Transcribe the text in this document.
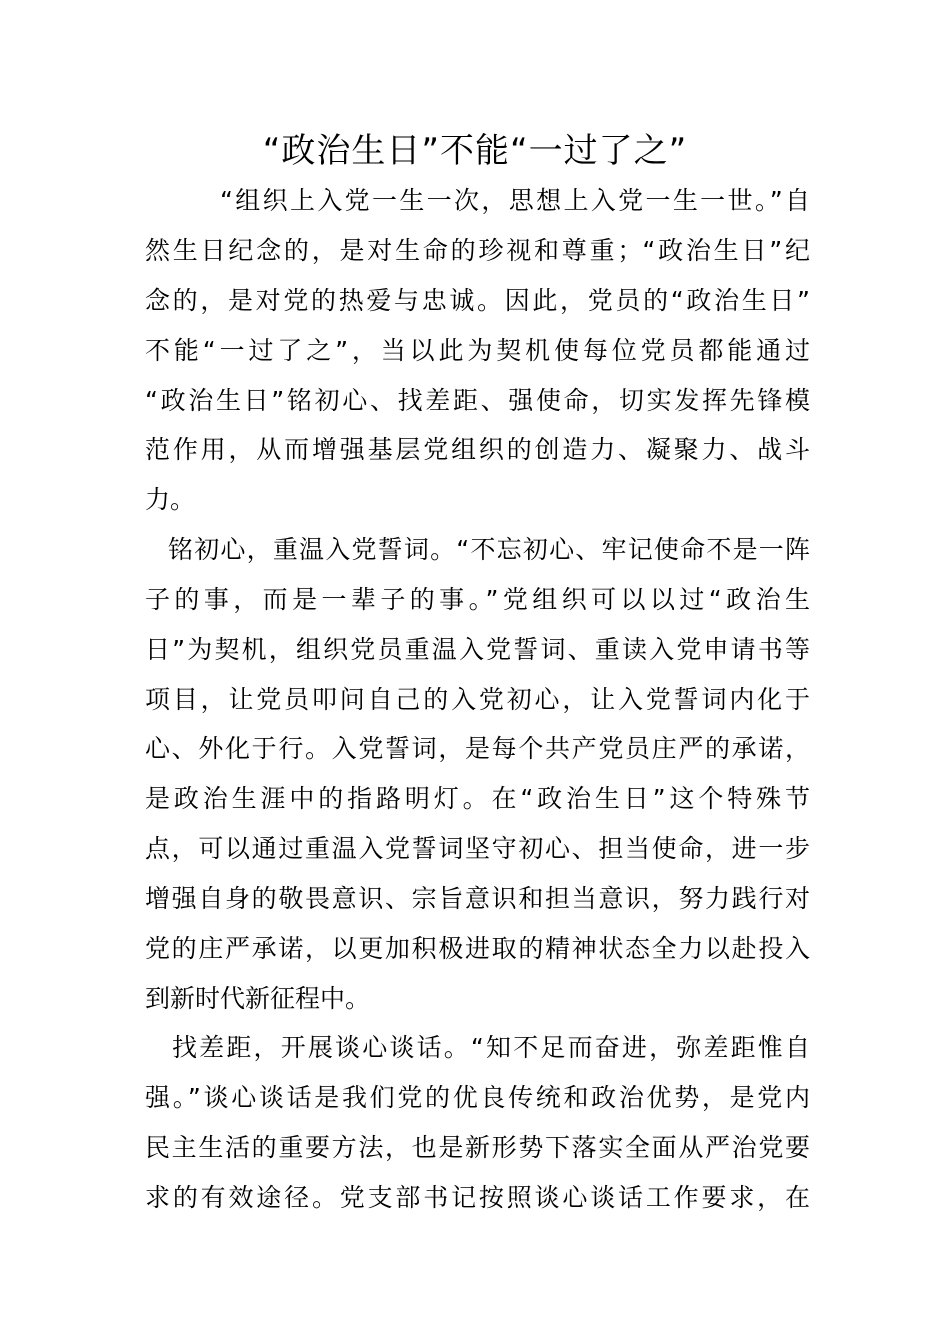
“政治生日”不能“一过了之”
“组织上入党一生一次，思想上入党一生一世。”自
然生日纪念的，是对生命的珍视和尊重；“政治生日”纪
念的，是对党的热爱与忠诚。因此，党员的“政治生日”
不能“一过了之”，当以此为契机使每位党员都能通过
“政治生日”铭初心、找差距、强使命，切实发挥先锋模
范作用，从而增强基层党组织的创造力、凝聚力、战斗
力。
铭初心，重温入党誓词。“不忘初心、牢记使命不是一阵
子的事，而是一辈子的事。”党组织可以以过“政治生
日”为契机，组织党员重温入党誓词、重读入党申请书等
项目，让党员叩问自己的入党初心，让入党誓词内化于
心、外化于行。入党誓词，是每个共产党员庄严的承诺，
是政治生涯中的指路明灯。在“政治生日”这个特殊节
点，可以通过重温入党誓词坚守初心、担当使命，进一步
增强自身的敬畏意识、宗旨意识和担当意识，努力践行对
党的庄严承诺，以更加积极进取的精神状态全力以赴投入
到新时代新征程中。
找差距，开展谈心谈话。“知不足而奋进，弥差距惟自
强。”谈心谈话是我们党的优良传统和政治优势，是党内
民主生活的重要方法，也是新形势下落实全面从严治党要
求的有效途径。党支部书记按照谈心谈话工作要求，在
